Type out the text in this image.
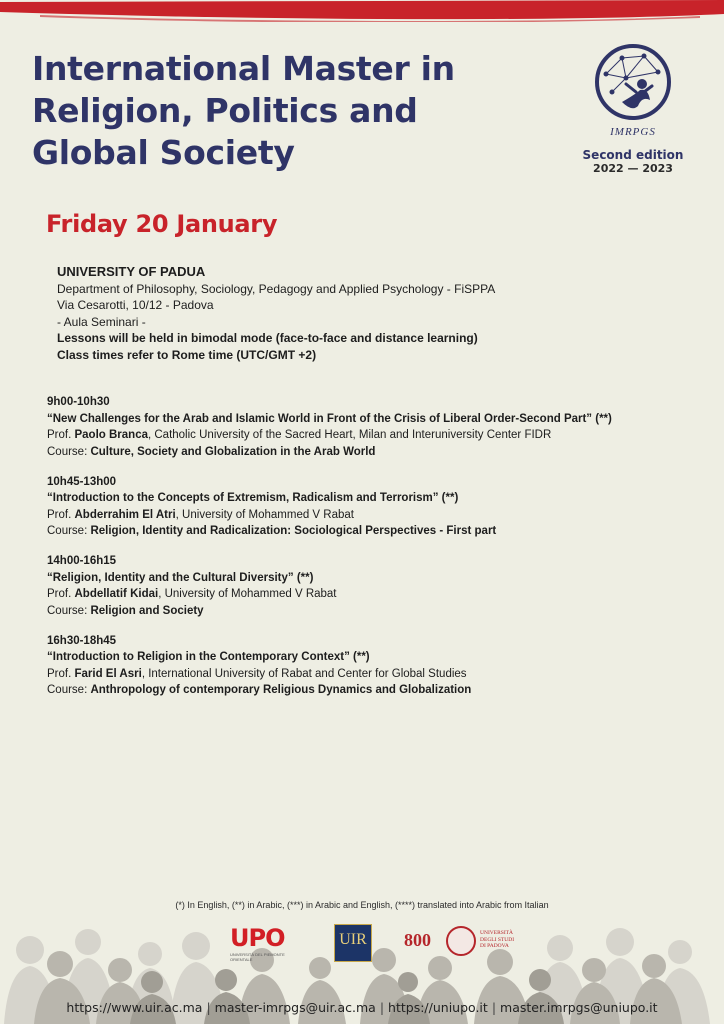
International Master in
Religion, Politics and
Global Society
IMRPGS
Second edition
2022 — 2023
Friday 20 January
UNIVERSITY OF PADUA
Department of Philosophy, Sociology, Pedagogy and Applied Psychology - FiSPPA
Via Cesarotti, 10/12 - Padova
- Aula Seminari -
Lessons will be held in bimodal mode (face-to-face and distance learning)
Class times refer to Rome time (UTC/GMT +2)
9h00-10h30
“New Challenges for the Arab and Islamic World in Front of the Crisis of Liberal Order-Second Part” (**)
Prof. Paolo Branca, Catholic University of the Sacred Heart, Milan and Interuniversity Center FIDR
Course: Culture, Society and Globalization in the Arab World
10h45-13h00
“Introduction to the Concepts of Extremism, Radicalism and Terrorism” (**)
Prof. Abderrahim El Atri, University of Mohammed V Rabat
Course: Religion, Identity and Radicalization: Sociological Perspectives - First part
14h00-16h15
“Religion, Identity and the Cultural Diversity” (**)
Prof. Abdellatif Kidai, University of Mohammed V Rabat
Course: Religion and Society
16h30-18h45
“Introduction to Religion in the Contemporary Context” (**)
Prof. Farid El Asri, International University of Rabat and Center for Global Studies
Course: Anthropology of contemporary Religious Dynamics and Globalization
(*) In English, (**) in Arabic, (***) in Arabic and English, (****) translated into Arabic from Italian
UPO
UNIVERSITÀ DEL PIEMONTE ORIENTALE
UIR 800	UNIVERSITÀ DEGLI STUDI DI PADOVA
https://www.uir.ac.ma | master-imrpgs@uir.ac.ma | https://uniupo.it | master.imrpgs@uniupo.it
